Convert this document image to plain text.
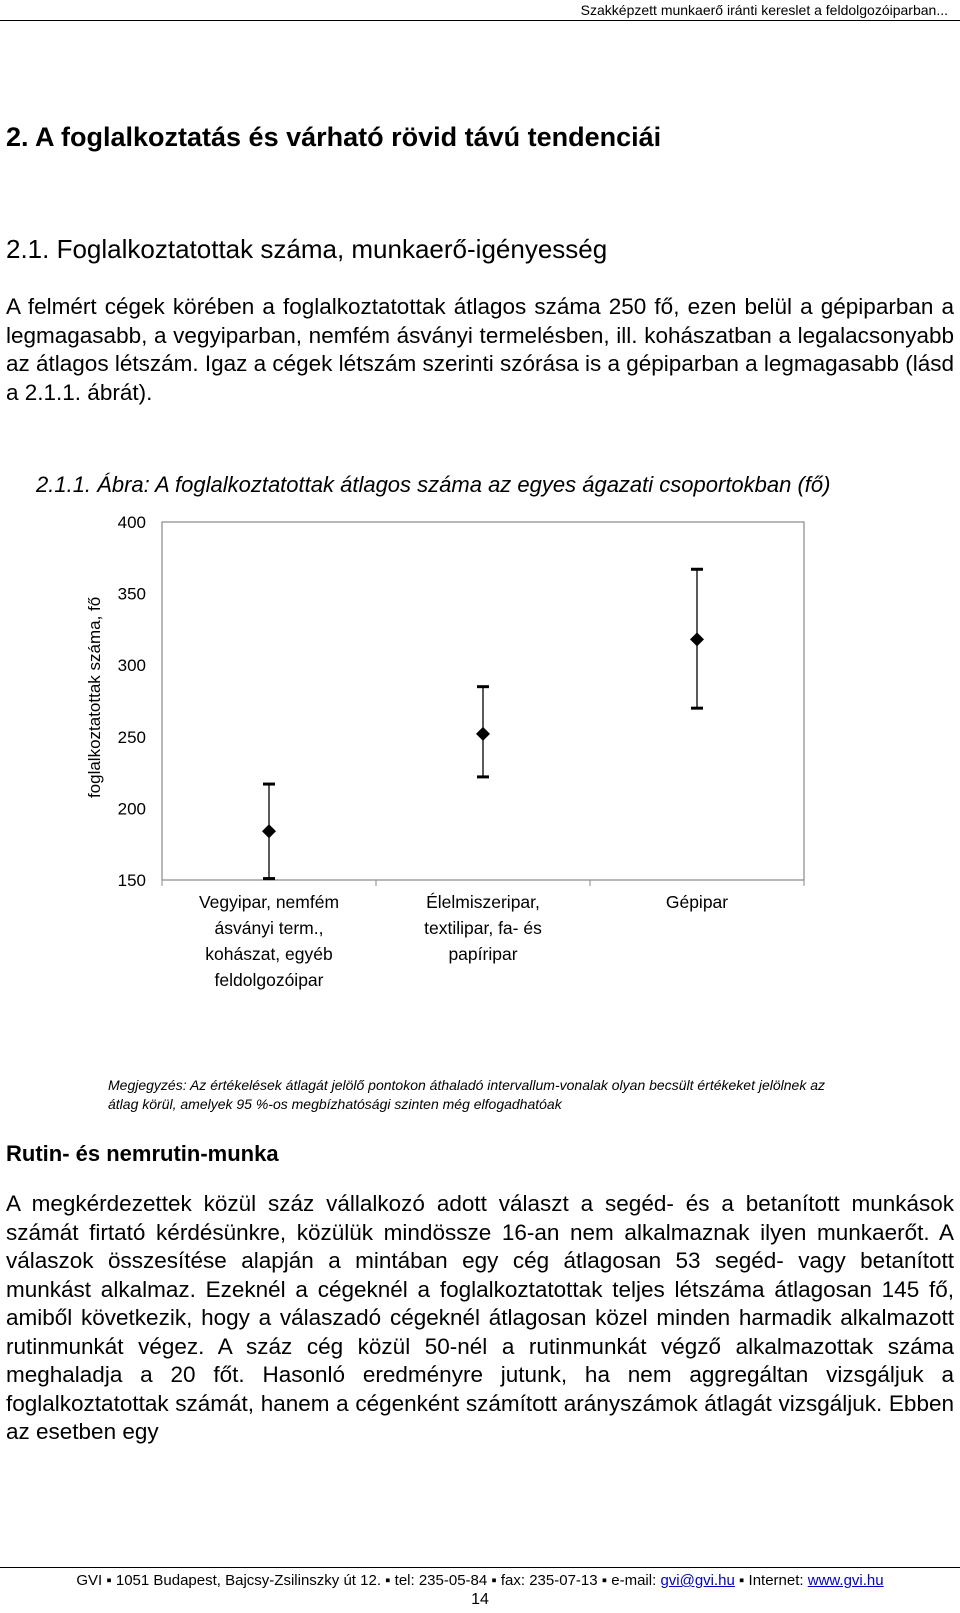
Szakképzett munkaerő iránti kereslet a feldolgozóiparban...
2. A foglalkoztatás és várható rövid távú tendenciái
2.1. Foglalkoztatottak száma, munkaerő-igényesség

A felmért cégek körében a foglalkoztatottak átlagos száma 250 fő, ezen belül a gépiparban a legmagasabb, a vegyiparban, nemfém ásványi termelésben, ill. kohászatban a legalacsonyabb az átlagos létszám. Igaz a cégek létszám szerinti szórása is a gépiparban a legmagasabb (lásd a 2.1.1. ábrát).

2.1.1. Ábra: A foglalkoztatottak átlagos száma az egyes ágazati csoportokban (fő)

150
200
250
300
350
400
foglalkoztatottak száma, fő
Vegyipar, nemfém
ásványi term.,
kohászat, egyéb
feldolgozóipar
Élelmiszeripar,
textilipar, fa- és
papíripar
Gépipar

Megjegyzés: Az értékelések átlagát jelölő pontokon áthaladó intervallum-vonalak olyan becsült értékeket jelölnek az átlag körül, amelyek 95 %-os megbízhatósági szinten még elfogadhatóak

Rutin- és nemrutin-munka

A megkérdezettek közül száz vállalkozó adott választ a segéd- és a betanított munkások számát firtató kérdésünkre, közülük mindössze 16-an nem alkalmaznak ilyen munkaerőt. A válaszok összesítése alapján a mintában egy cég átlagosan 53 segéd- vagy betanított munkást alkalmaz. Ezeknél a cégeknél a foglalkoztatottak teljes létszáma átlagosan 145 fő, amiből következik, hogy a válaszadó cégeknél átlagosan közel minden harmadik alkalmazott rutinmunkát végez. A száz cég közül 50-nél a rutinmunkát végző alkalmazottak száma meghaladja a 20 főt. Hasonló eredményre jutunk, ha nem aggregáltan vizsgáljuk a foglalkoztatottak számát, hanem a cégenként számított arányszámok átlagát vizsgáljuk. Ebben az esetben egy

GVI ▪ 1051 Budapest, Bajcsy-Zsilinszky út 12. ▪ tel: 235-05-84 ▪ fax: 235-07-13 ▪ e-mail: gvi@gvi.hu ▪ Internet: www.gvi.hu
14
